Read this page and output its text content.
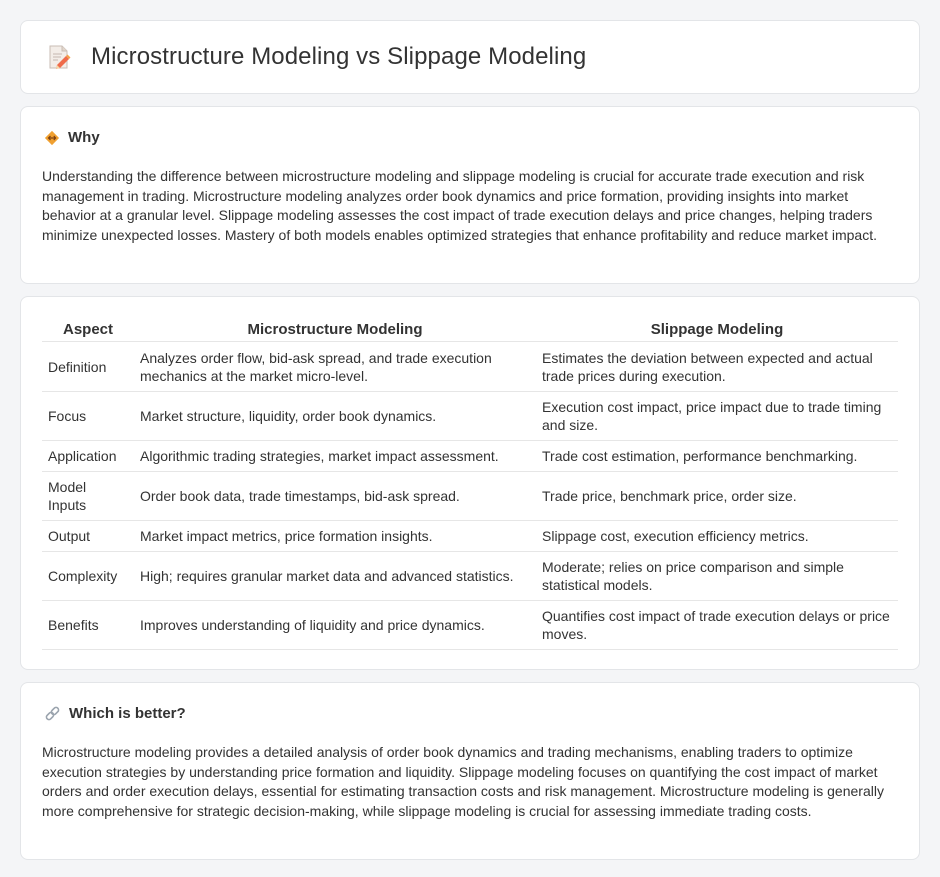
Microstructure Modeling vs Slippage Modeling
Why

Understanding the difference between microstructure modeling and slippage modeling is crucial for accurate trade execution and risk management in trading. Microstructure modeling analyzes order book dynamics and price formation, providing insights into market behavior at a granular level. Slippage modeling assesses the cost impact of trade execution delays and price changes, helping traders minimize unexpected losses. Mastery of both models enables optimized strategies that enhance profitability and reduce market impact.

Aspect	Microstructure Modeling	Slippage Modeling
Definition	Analyzes order flow, bid-ask spread, and trade execution mechanics at the market micro-level.	Estimates the deviation between expected and actual trade prices during execution.
Focus	Market structure, liquidity, order book dynamics.	Execution cost impact, price impact due to trade timing and size.
Application	Algorithmic trading strategies, market impact assessment.	Trade cost estimation, performance benchmarking.
Model Inputs	Order book data, trade timestamps, bid-ask spread.	Trade price, benchmark price, order size.
Output	Market impact metrics, price formation insights.	Slippage cost, execution efficiency metrics.
Complexity	High; requires granular market data and advanced statistics.	Moderate; relies on price comparison and simple statistical models.
Benefits	Improves understanding of liquidity and price dynamics.	Quantifies cost impact of trade execution delays or price moves.
Which is better?

Microstructure modeling provides a detailed analysis of order book dynamics and trading mechanisms, enabling traders to optimize execution strategies by understanding price formation and liquidity. Slippage modeling focuses on quantifying the cost impact of market orders and order execution delays, essential for estimating transaction costs and risk management. Microstructure modeling is generally more comprehensive for strategic decision-making, while slippage modeling is crucial for assessing immediate trading costs.
